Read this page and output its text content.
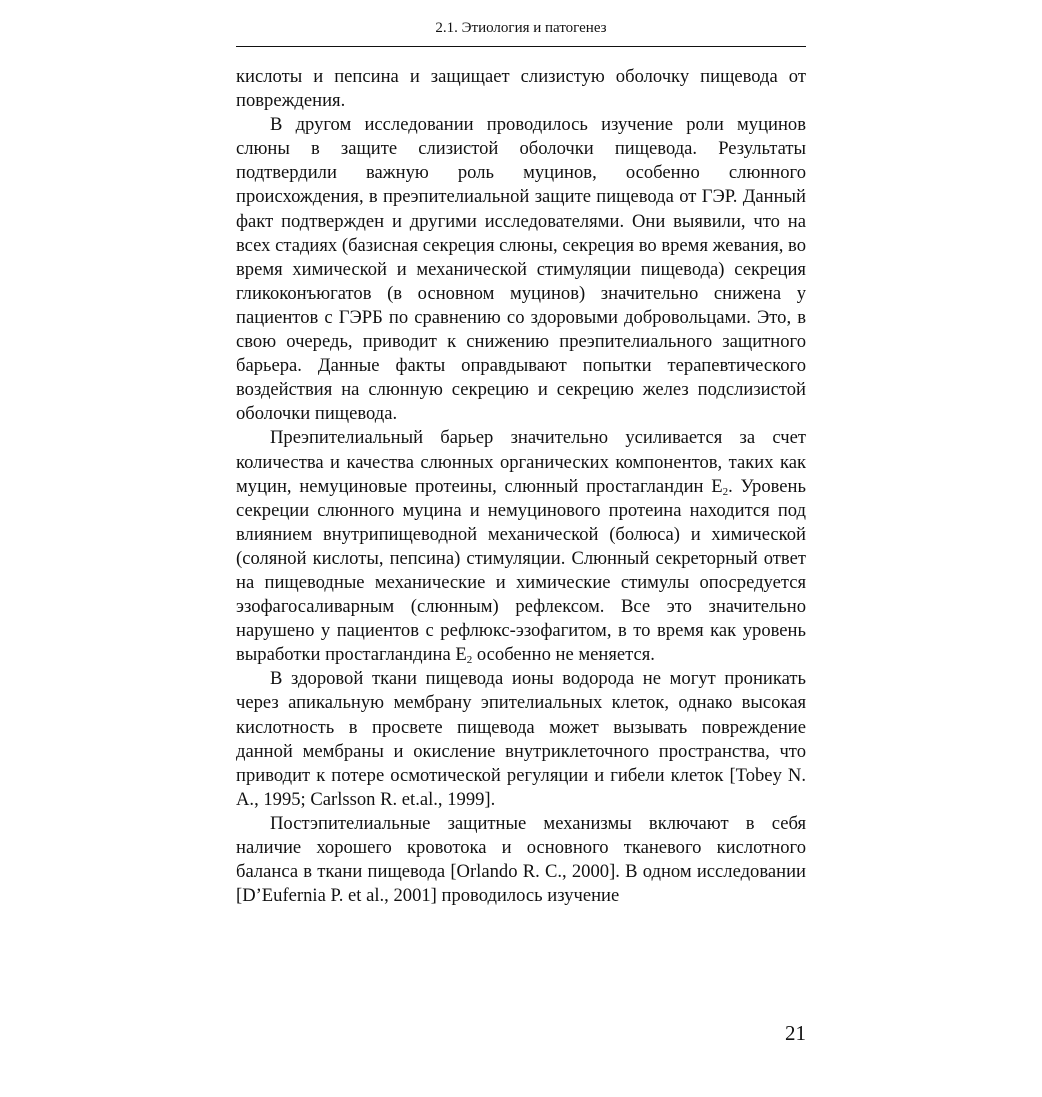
2.1. Этиология и патогенез

кислоты и пепсина и защищает слизистую оболочку пищевода от повреждения.

В другом исследовании проводилось изучение роли муцинов слюны в защите слизистой оболочки пищевода. Результаты подтвердили важную роль муцинов, особенно слюнного происхождения, в преэпителиальной защите пищевода от ГЭР. Данный факт подтвержден и другими исследователями. Они выявили, что на всех стадиях (базисная секреция слюны, секреция во время жевания, во время химической и механической стимуляции пищевода) секреция гликоконъюгатов (в основном муцинов) значительно снижена у пациентов с ГЭРБ по сравнению со здоровыми добровольцами. Это, в свою очередь, приводит к снижению преэпителиального защитного барьера. Данные факты оправдывают попытки терапевтического воздействия на слюнную секрецию и секрецию желез подслизистой оболочки пищевода.

Преэпителиальный барьер значительно усиливается за счет количества и качества слюнных органических компонентов, таких как муцин, немуциновые протеины, слюнный простагландин $E_2$. Уровень секреции слюнного муцина и немуцинового протеина находится под влиянием внутрипищеводной механической (болюса) и химической (соляной кислоты, пепсина) стимуляции. Слюнный секреторный ответ на пищеводные механические и химические стимулы опосредуется эзофагосаливарным (слюнным) рефлексом. Все это значительно нарушено у пациентов с рефлюкс-эзофагитом, в то время как уровень выработки простагландина $E_2$ особенно не меняется.

В здоровой ткани пищевода ионы водорода не могут проникать через апикальную мембрану эпителиальных клеток, однако высокая кислотность в просвете пищевода может вызывать повреждение данной мембраны и окисление внутриклеточного пространства, что приводит к потере осмотической регуляции и гибели клеток [Tobey N. A., 1995; Carlsson R. et.al., 1999].

Постэпителиальные защитные механизмы включают в себя наличие хорошего кровотока и основного тканевого кислотного баланса в ткани пищевода [Orlando R. C., 2000]. В одном исследовании [D’Eufernia P. et al., 2001] проводилось изучение

21
